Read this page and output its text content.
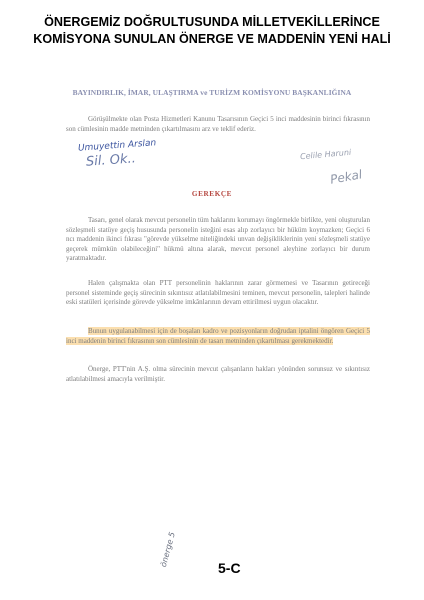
ÖNERGEMİZ DOĞRULTUSUNDA MİLLETVEKİLLERİNCE
KOMİSYONA SUNULAN ÖNERGE VE MADDENİN YENİ HALİ
BAYINDIRLIK, İMAR, ULAŞTIRMA ve TURİZM KOMİSYONU BAŞKANLIĞINA
Görüşülmekte olan Posta Hizmetleri Kanunu Tasarısının Geçici 5 inci maddesinin birinci fıkrasının son cümlesinin madde metninden çıkartılmasını arz ve teklif ederiz.
Umuyettin Arslan
Sil. Ok..	Celile Haruni
Pekal
GEREKÇE
Tasarı, genel olarak mevcut personelin tüm haklarını korumayı öngörmekle birlikte, yeni oluşturulan sözleşmeli statüye geçiş hususunda personelin isteğini esas alıp zorlayıcı bir hüküm koymazken; Geçici 6 ncı maddenin ikinci fıkrası "görevde yükselme niteliğindeki unvan değişikliklerinin yeni sözleşmeli statüye geçerek mümkün olabileceğini" hükmü altına alarak, mevcut personel aleyhine zorlayıcı bir durum yaratmaktadır.
Halen çalışmakta olan PTT personelinin haklarının zarar görmemesi ve Tasarının getireceği personel sisteminde geçiş sürecinin sıkıntısız atlatılabilmesini teminen, mevcut personelin, talepleri halinde eski statüleri içerisinde görevde yükselme imkânlarının devam ettirilmesi uygun olacaktır.
Bunun uygulanabilmesi için de boşalan kadro ve pozisyonların doğrudan iptalini öngören Geçici 5 inci maddenin birinci fıkrasının son cümlesinin de tasarı metninden çıkartılması gerekmektedir.
Önerge, PTT'nin A.Ş. olma sürecinin mevcut çalışanların hakları yönünden sorunsuz ve sıkıntısız atlatılabilmesi amacıyla verilmiştir.
önerge 5
5-C
